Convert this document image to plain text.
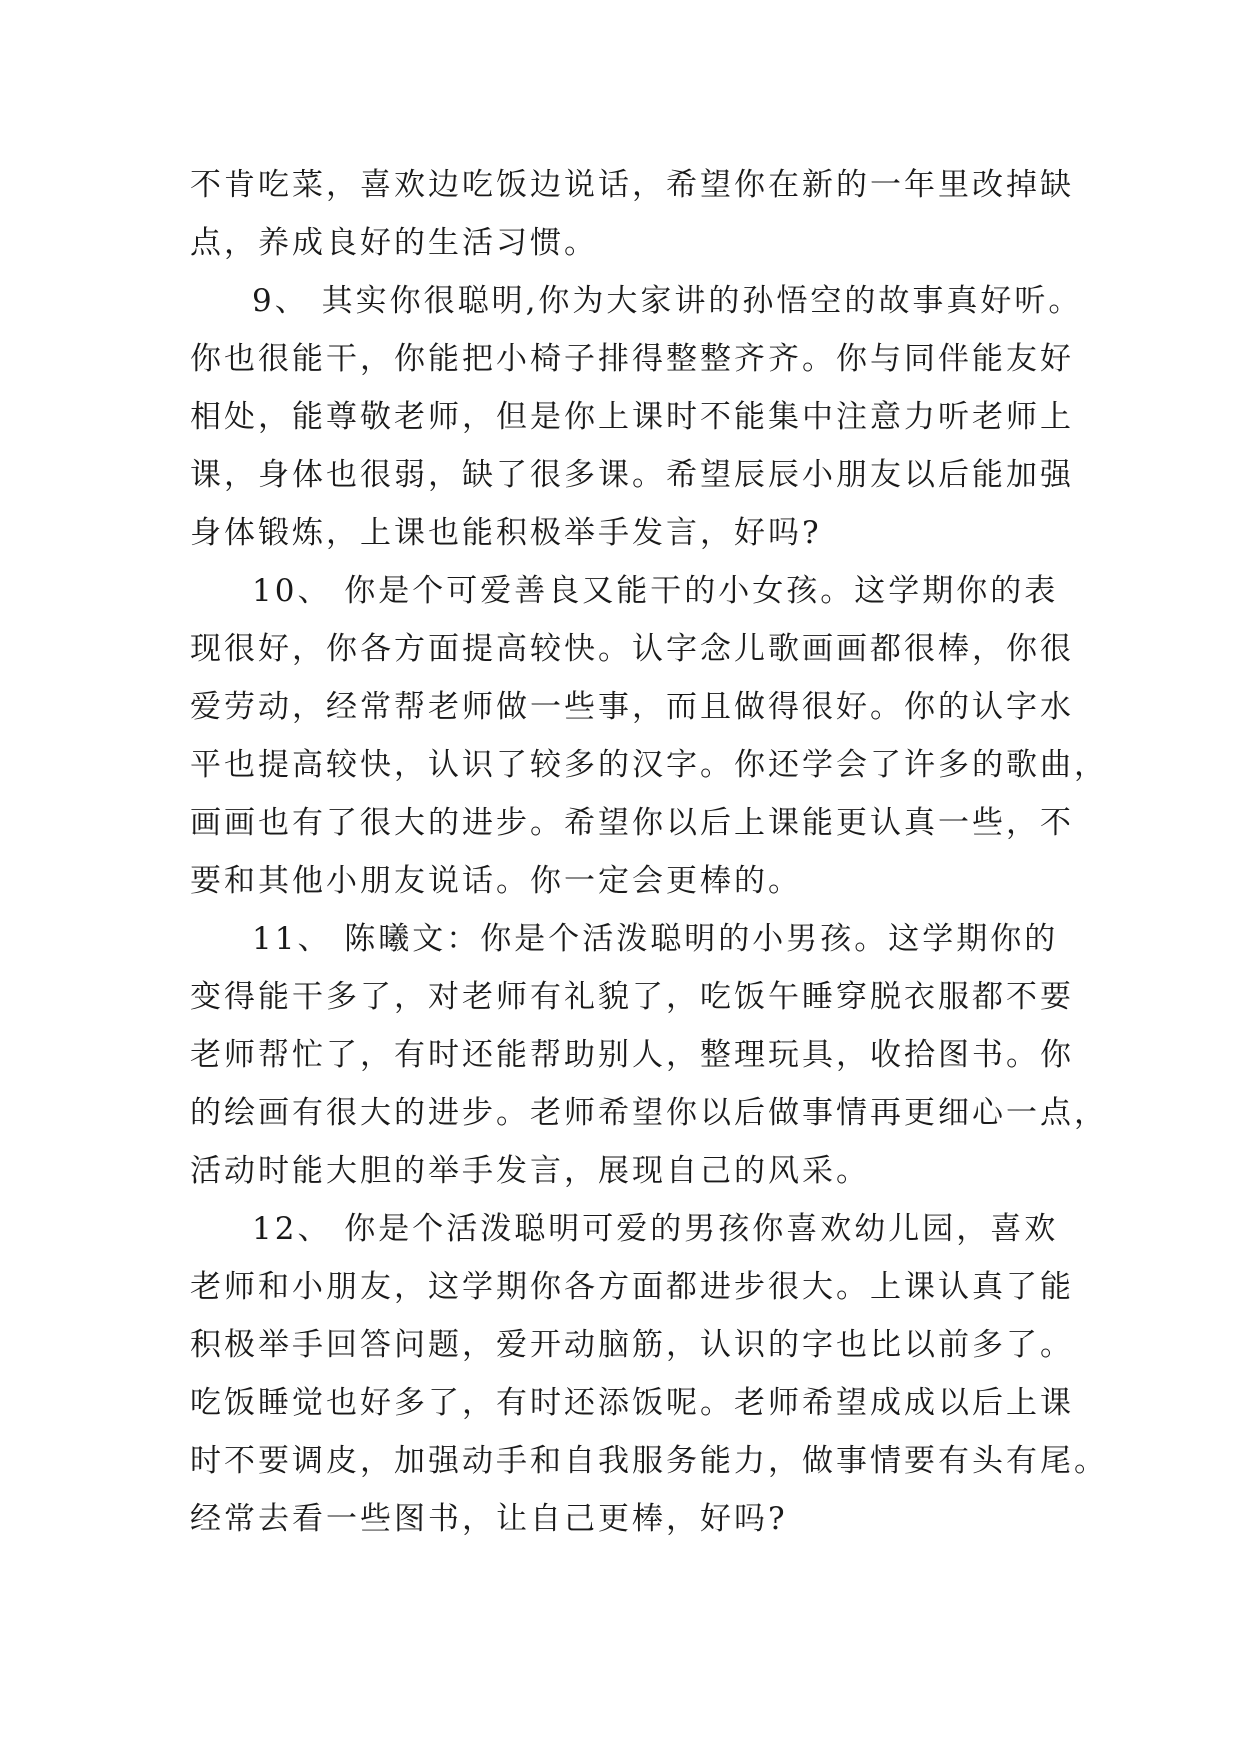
不肯吃菜，喜欢边吃饭边说话，希望你在新的一年里改掉缺
点，养成良好的生活习惯。
9、 其实你很聪明,你为大家讲的孙悟空的故事真好听。
你也很能干，你能把小椅子排得整整齐齐。你与同伴能友好
相处，能尊敬老师，但是你上课时不能集中注意力听老师上
课，身体也很弱，缺了很多课。希望辰辰小朋友以后能加强
身体锻炼，上课也能积极举手发言，好吗?
10、 你是个可爱善良又能干的小女孩。这学期你的表
现很好，你各方面提高较快。认字念儿歌画画都很棒，你很
爱劳动，经常帮老师做一些事，而且做得很好。你的认字水
平也提高较快，认识了较多的汉字。你还学会了许多的歌曲，
画画也有了很大的进步。希望你以后上课能更认真一些，不
要和其他小朋友说话。你一定会更棒的。
11、 陈曦文：你是个活泼聪明的小男孩。这学期你的
变得能干多了，对老师有礼貌了，吃饭午睡穿脱衣服都不要
老师帮忙了，有时还能帮助别人，整理玩具，收拾图书。你
的绘画有很大的进步。老师希望你以后做事情再更细心一点，
活动时能大胆的举手发言，展现自己的风采。
12、 你是个活泼聪明可爱的男孩你喜欢幼儿园，喜欢
老师和小朋友，这学期你各方面都进步很大。上课认真了能
积极举手回答问题，爱开动脑筋，认识的字也比以前多了。
吃饭睡觉也好多了，有时还添饭呢。老师希望成成以后上课
时不要调皮，加强动手和自我服务能力，做事情要有头有尾。
经常去看一些图书，让自己更棒，好吗?
